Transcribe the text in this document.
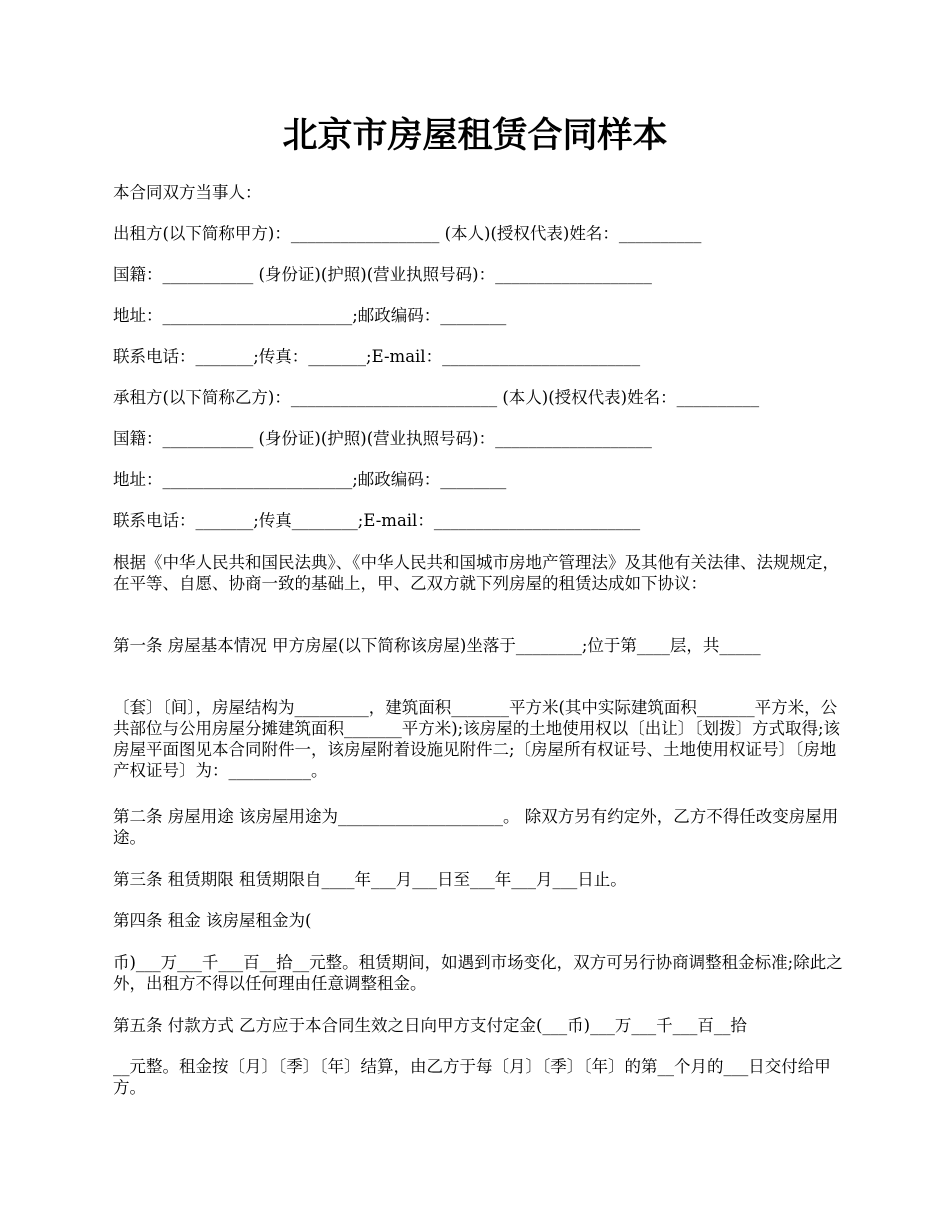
北京市房屋租赁合同样本

本合同双方当事人：

出租方(以下简称甲方)：__________________ (本人)(授权代表)姓名：__________

国籍：___________ (身份证)(护照)(营业执照号码)：___________________

地址：_______________________;邮政编码：________

联系电话：_______;传真：_______;E-mail：________________________

承租方(以下简称乙方)：_________________________ (本人)(授权代表)姓名：__________

国籍：___________ (身份证)(护照)(营业执照号码)：___________________

地址：_______________________;邮政编码：________

联系电话：_______;传真________;E-mail：_________________________

根据《中华人民共和国民法典》、《中华人民共和国城市房地产管理法》及其他有关法律、法规规定，在平等、自愿、协商一致的基础上，甲、乙双方就下列房屋的租赁达成如下协议：

第一条 房屋基本情况 甲方房屋(以下简称该房屋)坐落于________;位于第____层，共_____

〔套〕〔间〕，房屋结构为_________，建筑面积_______平方米(其中实际建筑面积_______平方米，公共部位与公用房屋分摊建筑面积_______平方米);该房屋的土地使用权以〔出让〕〔划拨〕方式取得;该房屋平面图见本合同附件一，该房屋附着设施见附件二;〔房屋所有权证号、土地使用权证号〕〔房地产权证号〕为：__________。

第二条 房屋用途 该房屋用途为____________________。 除双方另有约定外，乙方不得任改变房屋用途。

第三条 租赁期限 租赁期限自____年___月___日至___年___月___日止。

第四条 租金 该房屋租金为(

币)___万___千___百__拾__元整。租赁期间，如遇到市场变化，双方可另行协商调整租金标准;除此之外，出租方不得以任何理由任意调整租金。

第五条 付款方式 乙方应于本合同生效之日向甲方支付定金(___币)___万___千___百__拾

__元整。租金按〔月〕〔季〕〔年〕结算，由乙方于每〔月〕〔季〕〔年〕的第__个月的___日交付给甲方。
